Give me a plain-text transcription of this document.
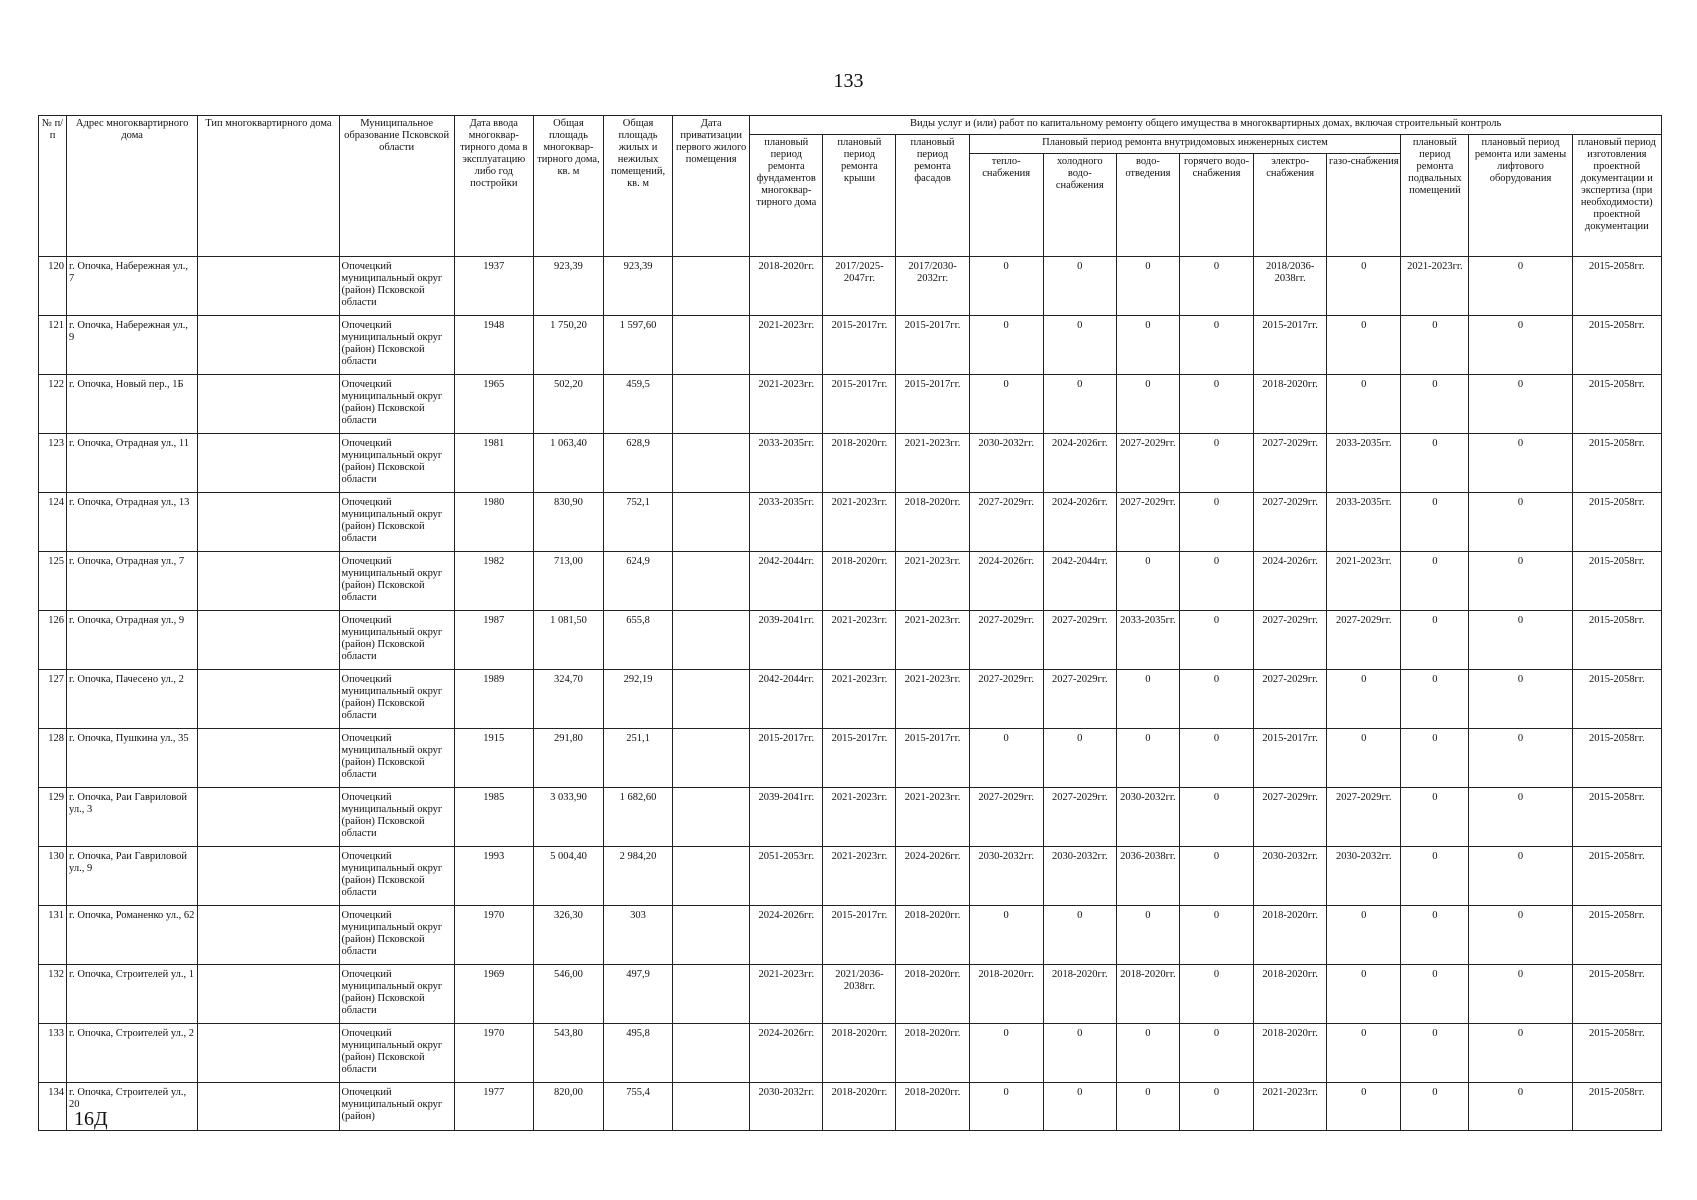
133
№ п/п	Адрес многоквартирного дома	Тип многоквартирного дома	Муниципальное образование Псковской области	Дата ввода многоквар-тирного дома в эксплуатацию либо год постройки	Общая площадь многоквар-тирного дома, кв. м	Общая площадь жилых и нежилых помещений, кв. м	Дата приватизации первого жилого помещения	Виды услуг и (или) работ по капитальному ремонту общего имущества в многоквартирных домах, включая строительный контроль											
								плановый период ремонта фундаментов многоквар-тирного дома	плановый период ремонта крыши	плановый период ремонта фасадов	Плановый период ремонта внутридомовых инженерных систем						плановый период ремонта подвальных помещений	плановый период ремонта или замены лифтового оборудования	плановый период изготовления проектной документации и экспертиза (при необходимости) проектной документации
											тепло-снабжения	холодного водо-снабжения	водо-отведения	горячего водо-снабжения	электро-снабжения	газо-снабжения			
120	г. Опочка, Набережная ул., 7		Опочецкий муниципальный округ (район) Псковской области	1937	923,39	923,39		2018-2020гг.	2017/2025-2047гг.	2017/2030-2032гг.	0	0	0	0	2018/2036-2038гг.	0	2021-2023гг.	0	2015-2058гг.
121	г. Опочка, Набережная ул., 9		Опочецкий муниципальный округ (район) Псковской области	1948	1 750,20	1 597,60		2021-2023гг.	2015-2017гг.	2015-2017гг.	0	0	0	0	2015-2017гг.	0	0	0	2015-2058гг.
122	г. Опочка, Новый пер., 1Б		Опочецкий муниципальный округ (район) Псковской области	1965	502,20	459,5		2021-2023гг.	2015-2017гг.	2015-2017гг.	0	0	0	0	2018-2020гг.	0	0	0	2015-2058гг.
123	г. Опочка, Отрадная ул., 11		Опочецкий муниципальный округ (район) Псковской области	1981	1 063,40	628,9		2033-2035гг.	2018-2020гг.	2021-2023гг.	2030-2032гг.	2024-2026гг.	2027-2029гг.	0	2027-2029гг.	2033-2035гг.	0	0	2015-2058гг.
124	г. Опочка, Отрадная ул., 13		Опочецкий муниципальный округ (район) Псковской области	1980	830,90	752,1		2033-2035гг.	2021-2023гг.	2018-2020гг.	2027-2029гг.	2024-2026гг.	2027-2029гг.	0	2027-2029гг.	2033-2035гг.	0	0	2015-2058гг.
125	г. Опочка, Отрадная ул., 7		Опочецкий муниципальный округ (район) Псковской области	1982	713,00	624,9		2042-2044гг.	2018-2020гг.	2021-2023гг.	2024-2026гг.	2042-2044гг.	0	0	2024-2026гг.	2021-2023гг.	0	0	2015-2058гг.
126	г. Опочка, Отрадная ул., 9		Опочецкий муниципальный округ (район) Псковской области	1987	1 081,50	655,8		2039-2041гг.	2021-2023гг.	2021-2023гг.	2027-2029гг.	2027-2029гг.	2033-2035гг.	0	2027-2029гг.	2027-2029гг.	0	0	2015-2058гг.
127	г. Опочка, Пачесено ул., 2		Опочецкий муниципальный округ (район) Псковской области	1989	324,70	292,19		2042-2044гг.	2021-2023гг.	2021-2023гг.	2027-2029гг.	2027-2029гг.	0	0	2027-2029гг.	0	0	0	2015-2058гг.
128	г. Опочка, Пушкина ул., 35		Опочецкий муниципальный округ (район) Псковской области	1915	291,80	251,1		2015-2017гг.	2015-2017гг.	2015-2017гг.	0	0	0	0	2015-2017гг.	0	0	0	2015-2058гг.
129	г. Опочка, Раи Гавриловой ул., 3		Опочецкий муниципальный округ (район) Псковской области	1985	3 033,90	1 682,60		2039-2041гг.	2021-2023гг.	2021-2023гг.	2027-2029гг.	2027-2029гг.	2030-2032гг.	0	2027-2029гг.	2027-2029гг.	0	0	2015-2058гг.
130	г. Опочка, Раи Гавриловой ул., 9		Опочецкий муниципальный округ (район) Псковской области	1993	5 004,40	2 984,20		2051-2053гг.	2021-2023гг.	2024-2026гг.	2030-2032гг.	2030-2032гг.	2036-2038гг.	0	2030-2032гг.	2030-2032гг.	0	0	2015-2058гг.
131	г. Опочка, Романенко ул., 62		Опочецкий муниципальный округ (район) Псковской области	1970	326,30	303		2024-2026гг.	2015-2017гг.	2018-2020гг.	0	0	0	0	2018-2020гг.	0	0	0	2015-2058гг.
132	г. Опочка, Строителей ул., 1		Опочецкий муниципальный округ (район) Псковской области	1969	546,00	497,9		2021-2023гг.	2021/2036-2038гг.	2018-2020гг.	2018-2020гг.	2018-2020гг.	2018-2020гг.	0	2018-2020гг.	0	0	0	2015-2058гг.
133	г. Опочка, Строителей ул., 2		Опочецкий муниципальный округ (район) Псковской области	1970	543,80	495,8		2024-2026гг.	2018-2020гг.	2018-2020гг.	0	0	0	0	2018-2020гг.	0	0	0	2015-2058гг.
134	г. Опочка, Строителей ул., 20		Опочецкий муниципальный округ (район)	1977	820,00	755,4		2030-2032гг.	2018-2020гг.	2018-2020гг.	0	0	0	0	2021-2023гг.	0	0	0	2015-2058гг.
16Д
